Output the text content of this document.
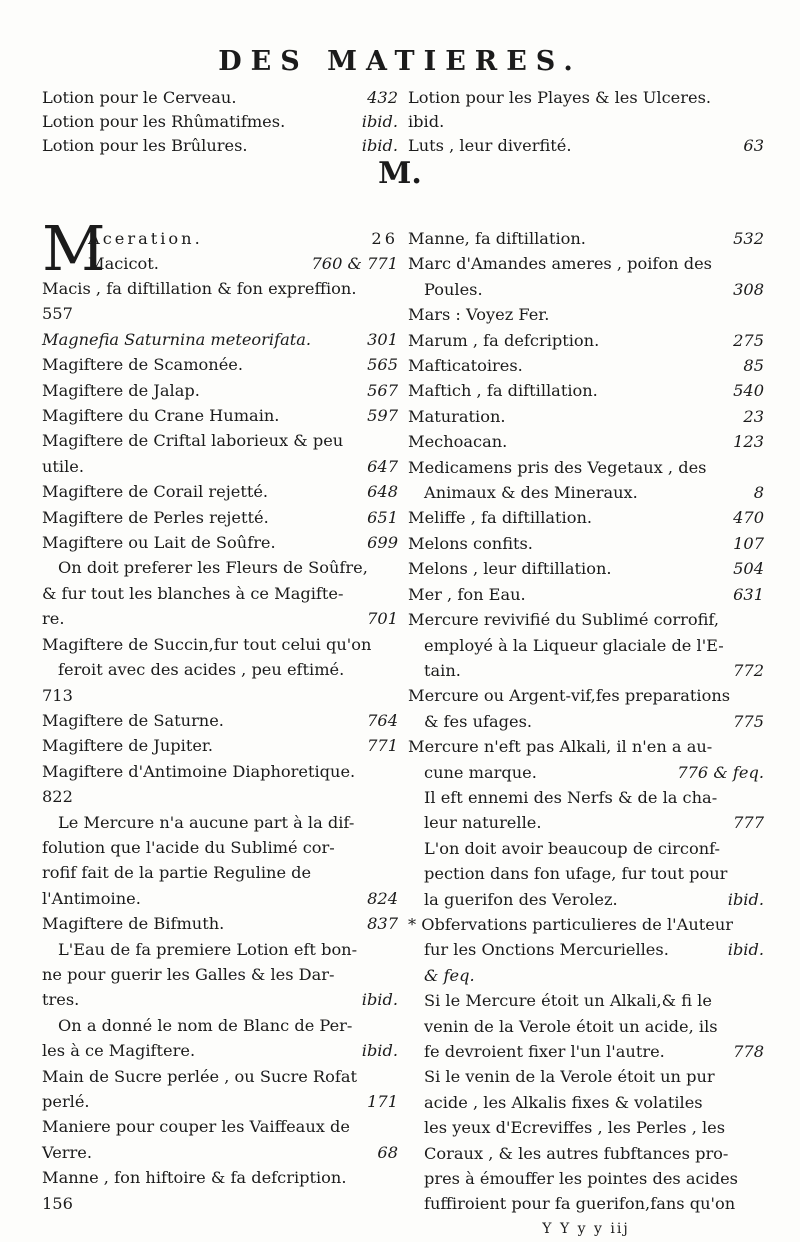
DES MATIERES.
Lotion pour le Cerveau.	432
Lotion pour les Rhûmatifmes.	ibid.
Lotion pour les Brûlures.	ibid.
Lotion pour les Playes & les Ulceres.
ibid.
Luts , leur diverfité.	63
M.
M
Aceration.	26
Macicot.	760 & 771
Macis , fa diftillation & fon expreffion.
557
Magnefia Saturnina meteorifata.	301
Magiftere de Scamonée.	565
Magiftere de Jalap.	567
Magiftere du Crane Humain.	597
Magiftere de Criftal laborieux & peu
utile.	647
Magiftere de Corail rejetté.	648
Magiftere de Perles rejetté.	651
Magiftere ou Lait de Soûfre.	699
On doit preferer les Fleurs de Soûfre,
& fur tout les blanches à ce Magifte-
re.	701
Magiftere de Succin,fur tout celui qu'on
feroit avec des acides , peu eftimé.
713
Magiftere de Saturne.	764
Magiftere de Jupiter.	771
Magiftere d'Antimoine Diaphoretique.
822
Le Mercure n'a aucune part à la dif-
folution que l'acide du Sublimé cor-
rofif fait de la partie Reguline de
l'Antimoine.	824
Magiftere de Bifmuth.	837
L'Eau de fa premiere Lotion eft bon-
ne pour guerir les Galles & les Dar-
tres.	ibid.
On a donné le nom de Blanc de Per-
les à ce Magiftere.	ibid.
Main de Sucre perlée , ou Sucre Rofat
perlé.	171
Maniere pour couper les Vaiffeaux de
Verre.	68
Manne , fon hiftoire & fa defcription.
156
Manne, fa diftillation.	532
Marc d'Amandes ameres , poifon des
Poules.	308
Mars : Voyez Fer.
Marum , fa defcription.	275
Mafticatoires.	85
Maftich , fa diftillation.	540
Maturation.	23
Mechoacan.	123
Medicamens pris des Vegetaux , des
Animaux & des Mineraux.	8
Meliffe , fa diftillation.	470
Melons confits.	107
Melons , leur diftillation.	504
Mer , fon Eau.	631
Mercure revivifié du Sublimé corrofif,
employé à la Liqueur glaciale de l'E-
tain.	772
Mercure ou Argent-vif,fes preparations
& fes ufages.	775
Mercure n'eft pas Alkali, il n'en a au-
cune marque.	776 & feq.
Il eft ennemi des Nerfs & de la cha-
leur naturelle.	777
L'on doit avoir beaucoup de circonf-
pection dans fon ufage, fur tout pour
la guerifon des Verolez.	ibid.
* Obfervations particulieres de l'Auteur
fur les Onctions Mercurielles.	ibid.
& feq.
Si le Mercure étoit un Alkali,& fi le
venin de la Verole étoit un acide, ils
fe devroient fixer l'un l'autre.	778
Si le venin de la Verole étoit un pur
acide , les Alkalis fixes & volatiles
les yeux d'Ecreviffes , les Perles , les
Coraux , & les autres fubftances pro-
pres à émouffer les pointes des acides
fuffiroient pour fa guerifon,fans qu'on
Y Y y y iij
